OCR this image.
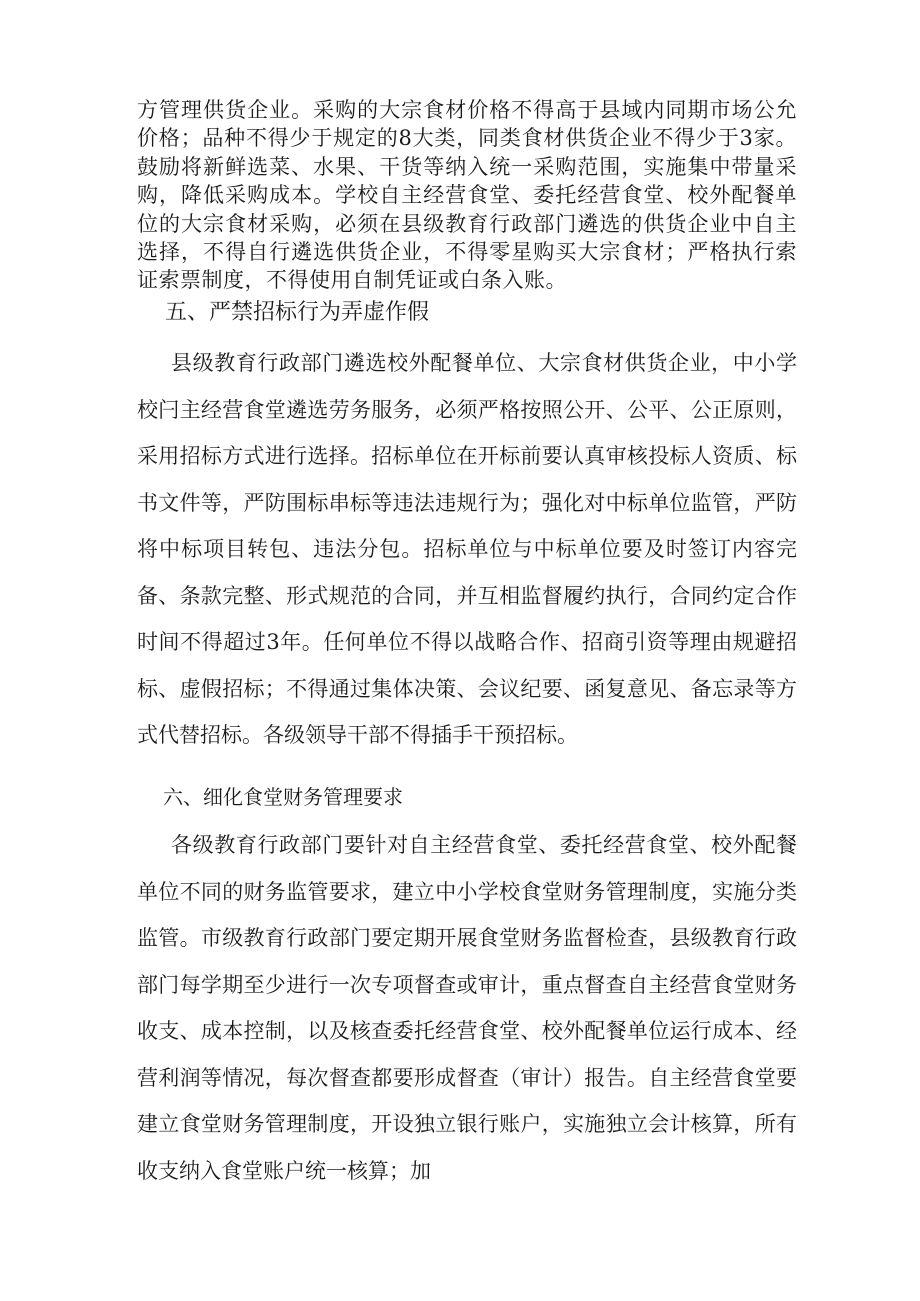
方管理供货企业。采购的大宗食材价格不得高于县域内同期市场公允价格；品种不得少于规定的8大类，同类食材供货企业不得少于3家。鼓励将新鲜选菜、水果、干货等纳入统一采购范围，实施集中带量采购，降低采购成本。学校自主经营食堂、委托经营食堂、校外配餐单位的大宗食材采购，必须在县级教育行政部门遴选的供货企业中自主选择，不得自行遴选供货企业，不得零星购买大宗食材；严格执行索证索票制度，不得使用自制凭证或白条入账。

五、严禁招标行为弄虚作假

县级教育行政部门遴选校外配餐单位、大宗食材供货企业，中小学校闩主经营食堂遴选劳务服务，必须严格按照公开、公平、公正原则，采用招标方式进行选择。招标单位在开标前要认真审核投标人资质、标书文件等，严防围标串标等违法违规行为；强化对中标单位监管，严防将中标项目转包、违法分包。招标单位与中标单位要及时签订内容完备、条款完整、形式规范的合同，并互相监督履约执行，合同约定合作时间不得超过3年。任何单位不得以战略合作、招商引资等理由规避招标、虚假招标；不得通过集体决策、会议纪要、函复意见、备忘录等方式代替招标。各级领导干部不得插手干预招标。

六、细化食堂财务管理要求

各级教育行政部门要针对自主经营食堂、委托经营食堂、校外配餐单位不同的财务监管要求，建立中小学校食堂财务管理制度，实施分类监管。市级教育行政部门要定期开展食堂财务监督检查，县级教育行政部门每学期至少进行一次专项督查或审计，重点督查自主经营食堂财务收支、成本控制，以及核查委托经营食堂、校外配餐单位运行成本、经营利润等情况，每次督查都要形成督查（审计）报告。自主经营食堂要建立食堂财务管理制度，开设独立银行账户，实施独立会计核算，所有收支纳入食堂账户统一核算；加
